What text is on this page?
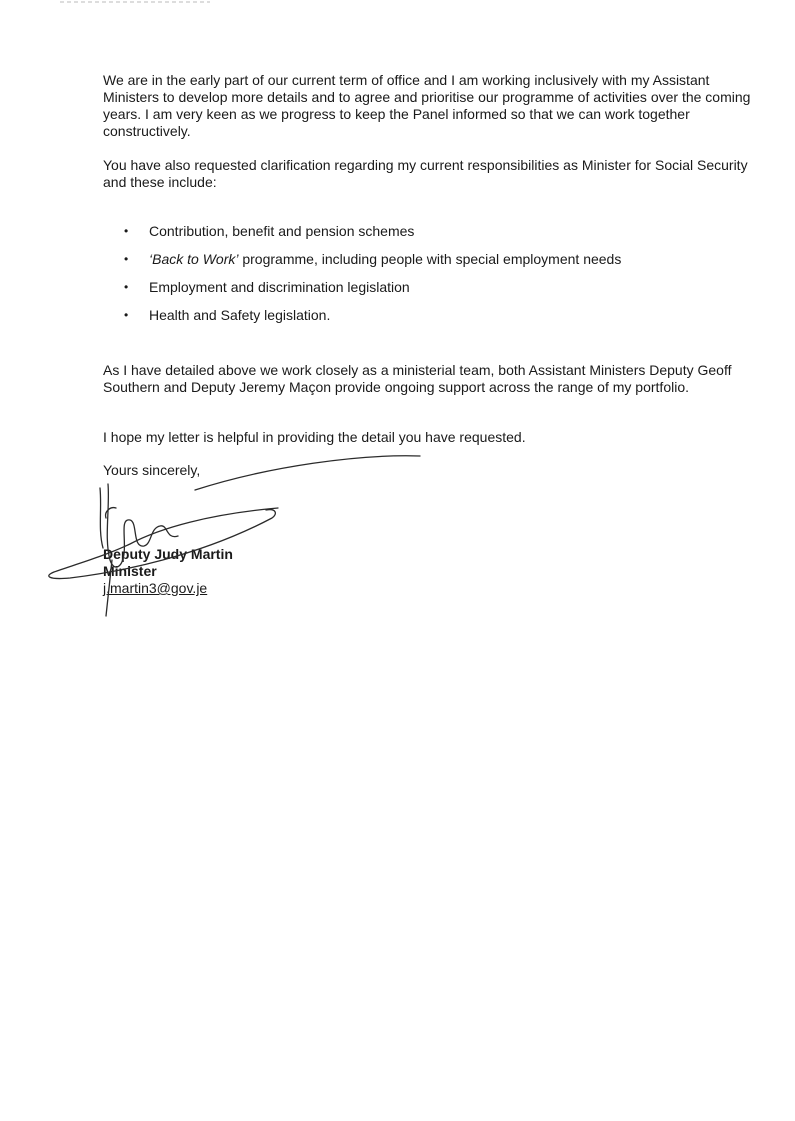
We are in the early part of our current term of office and I am working inclusively with my Assistant Ministers to develop more details and to agree and prioritise our programme of activities over the coming years. I am very keen as we progress to keep the Panel informed so that we can work together constructively.

You have also requested clarification regarding my current responsibilities as Minister for Social Security and these include:

• Contribution, benefit and pension schemes
• ‘Back to Work’ programme, including people with special employment needs
• Employment and discrimination legislation
• Health and Safety legislation.

As I have detailed above we work closely as a ministerial team, both Assistant Ministers Deputy Geoff Southern and Deputy Jeremy Maçon provide ongoing support across the range of my portfolio.

I hope my letter is helpful in providing the detail you have requested.

Yours sincerely,

Deputy Judy Martin

Minister

j.martin3@gov.je
